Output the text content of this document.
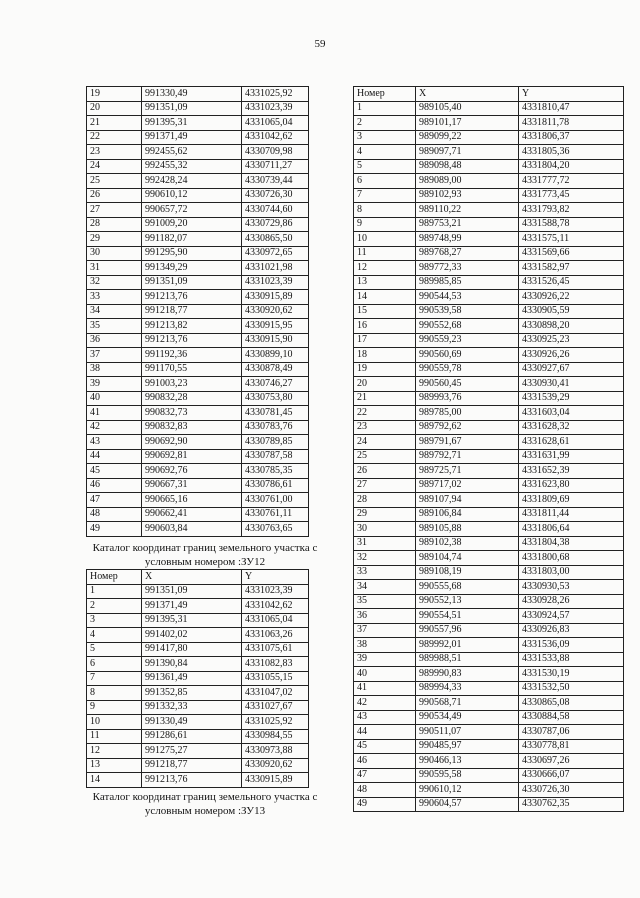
59
19	991330,49	4331025,92
20	991351,09	4331023,39
21	991395,31	4331065,04
22	991371,49	4331042,62
23	992455,62	4330709,98
24	992455,32	4330711,27
25	992428,24	4330739,44
26	990610,12	4330726,30
27	990657,72	4330744,60
28	991009,20	4330729,86
29	991182,07	4330865,50
30	991295,90	4330972,65
31	991349,29	4331021,98
32	991351,09	4331023,39
33	991213,76	4330915,89
34	991218,77	4330920,62
35	991213,82	4330915,95
36	991213,76	4330915,90
37	991192,36	4330899,10
38	991170,55	4330878,49
39	991003,23	4330746,27
40	990832,28	4330753,80
41	990832,73	4330781,45
42	990832,83	4330783,76
43	990692,90	4330789,85
44	990692,81	4330787,58
45	990692,76	4330785,35
46	990667,31	4330786,61
47	990665,16	4330761,00
48	990662,41	4330761,11
49	990603,84	4330763,65
Каталог координат границ земельного участка с условным номером :ЗУ12
Номер	X	Y
1	991351,09	4331023,39
2	991371,49	4331042,62
3	991395,31	4331065,04
4	991402,02	4331063,26
5	991417,80	4331075,61
6	991390,84	4331082,83
7	991361,49	4331055,15
8	991352,85	4331047,02
9	991332,33	4331027,67
10	991330,49	4331025,92
11	991286,61	4330984,55
12	991275,27	4330973,88
13	991218,77	4330920,62
14	991213,76	4330915,89
Каталог координат границ земельного участка с условным номером :ЗУ13
Номер	X	Y
1	989105,40	4331810,47
2	989101,17	4331811,78
3	989099,22	4331806,37
4	989097,71	4331805,36
5	989098,48	4331804,20
6	989089,00	4331777,72
7	989102,93	4331773,45
8	989110,22	4331793,82
9	989753,21	4331588,78
10	989748,99	4331575,11
11	989768,27	4331569,66
12	989772,33	4331582,97
13	989985,85	4331526,45
14	990544,53	4330926,22
15	990539,58	4330905,59
16	990552,68	4330898,20
17	990559,23	4330925,23
18	990560,69	4330926,26
19	990559,78	4330927,67
20	990560,45	4330930,41
21	989993,76	4331539,29
22	989785,00	4331603,04
23	989792,62	4331628,32
24	989791,67	4331628,61
25	989792,71	4331631,99
26	989725,71	4331652,39
27	989717,02	4331623,80
28	989107,94	4331809,69
29	989106,84	4331811,44
30	989105,88	4331806,64
31	989102,38	4331804,38
32	989104,74	4331800,68
33	989108,19	4331803,00
34	990555,68	4330930,53
35	990552,13	4330928,26
36	990554,51	4330924,57
37	990557,96	4330926,83
38	989992,01	4331536,09
39	989988,51	4331533,88
40	989990,83	4331530,19
41	989994,33	4331532,50
42	990568,71	4330865,08
43	990534,49	4330884,58
44	990511,07	4330787,06
45	990485,97	4330778,81
46	990466,13	4330697,26
47	990595,58	4330666,07
48	990610,12	4330726,30
49	990604,57	4330762,35
